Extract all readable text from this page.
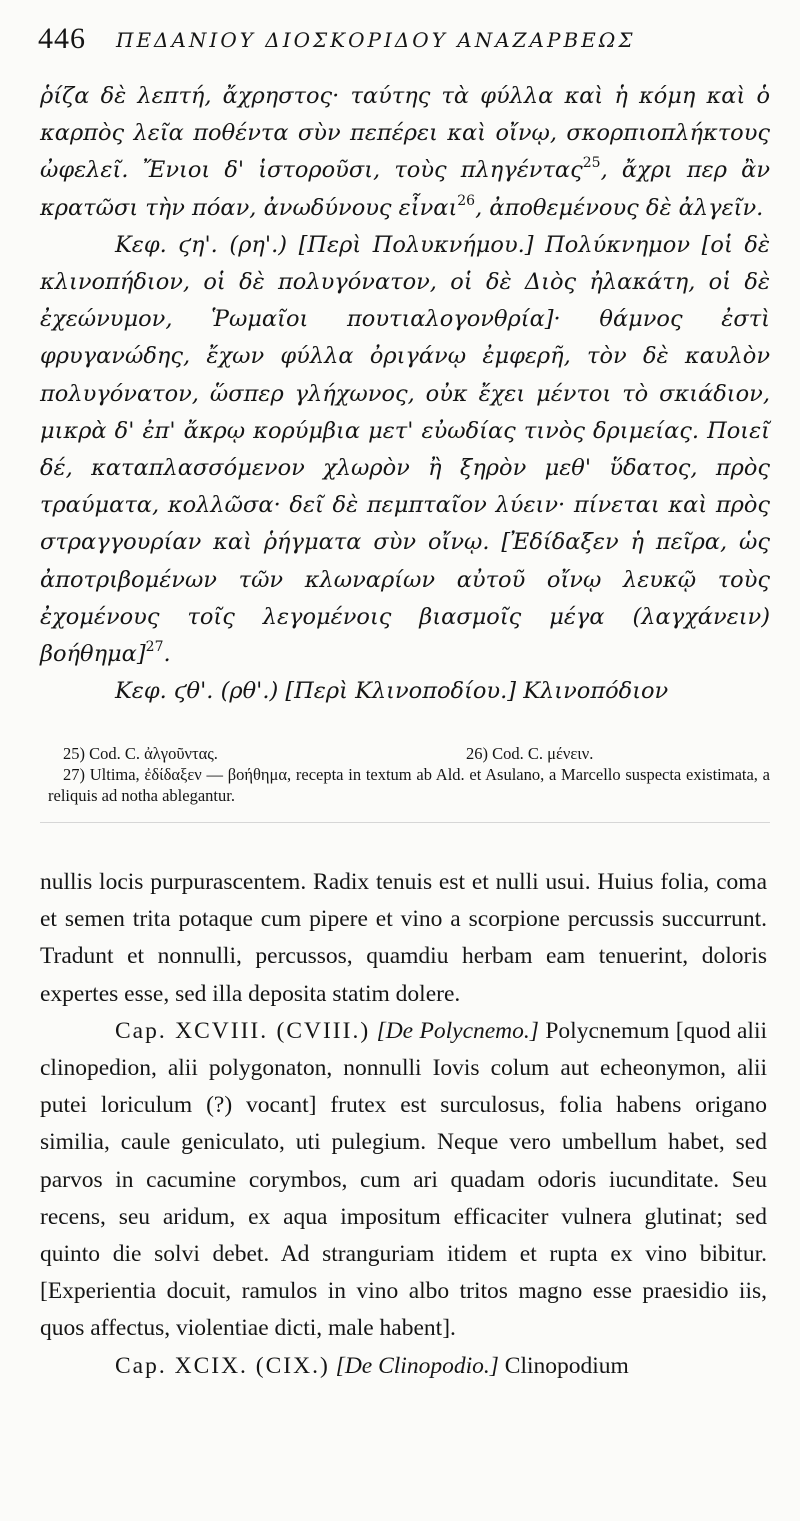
446 ΠΕΔΑΝΙΟΥ ΔΙΟΣΚΟΡΙΔΟΥ ΑΝΑΖΑΡΒΕΩΣ

ῥίζα δὲ λεπτή, ἄχρηστος· ταύτης τὰ φύλλα καὶ ἡ κόμη καὶ ὁ καρπὸς λεῖα ποθέντα σὺν πεπέρει καὶ οἴνῳ, σκορπιοπλήκτους ὠφελεῖ. Ἔνιοι δ' ἱστοροῦσι, τοὺς πληγέντας$^{25}$, ἄχρι περ ἂν κρατῶσι τὴν πόαν, ἀνωδύνους εἶναι$^{26}$, ἀποθεμένους δὲ ἀλγεῖν.

Κεφ. ϛη'. (ρη'.) [Περὶ Πολυκνήμου.] Πολύκνημον [οἱ δὲ κλινοπήδιον, οἱ δὲ πολυγόνατον, οἱ δὲ Διὸς ἠλακάτη, οἱ δὲ ἐχεώνυμον, Ῥωμαῖοι πουτιαλογονθρία]· θάμνος ἐστὶ φρυγανώδης, ἔχων φύλλα ὀριγάνῳ ἐμφερῆ, τὸν δὲ καυλὸν πολυγόνατον, ὥσπερ γλήχωνος, οὐκ ἔχει μέντοι τὸ σκιάδιον, μικρὰ δ' ἐπ' ἄκρῳ κορύμβια μετ' εὐωδίας τινὸς δριμείας. Ποιεῖ δέ, καταπλασσόμενον χλωρὸν ἢ ξηρὸν μεθ' ὕδατος, πρὸς τραύματα, κολλῶσα· δεῖ δὲ πεμπταῖον λύειν· πίνεται καὶ πρὸς στραγγουρίαν καὶ ῥήγματα σὺν οἴνῳ. [Ἐδίδαξεν ἡ πεῖρα, ὡς ἀποτριβομένων τῶν κλωναρίων αὐτοῦ οἴνῳ λευκῷ τοὺς ἐχομένους τοῖς λεγομένοις βιασμοῖς μέγα (λαγχάνειν) βοήθημα]$^{27}$.

Κεφ. ϛθ'. (ρθ'.) [Περὶ Κλινοποδίου.] Κλινοπόδιον

25) Cod. C. ἀλγοῦντας.	26) Cod. C. μένειν.

27) Ultima, ἐδίδαξεν — βοήθημα, recepta in textum ab Ald. et Asulano, a Marcello suspecta existimata, a reliquis ad notha ablegantur.

nullis locis purpurascentem. Radix tenuis est et nulli usui. Huius folia, coma et semen trita potaque cum pipere et vino a scorpione percussis succurrunt. Tradunt et nonnulli, percussos, quamdiu herbam eam tenuerint, doloris expertes esse, sed illa deposita statim dolere.

Cap. XCVIII. (CVIII.) [De Polycnemo.] Polycnemum [quod alii clinopedion, alii polygonaton, nonnulli Iovis colum aut echeonymon, alii putei loriculum (?) vocant] frutex est surculosus, folia habens origano similia, caule geniculato, uti pulegium. Neque vero umbellum habet, sed parvos in cacumine corymbos, cum ari quadam odoris iucunditate. Seu recens, seu aridum, ex aqua impositum efficaciter vulnera glutinat; sed quinto die solvi debet. Ad stranguriam itidem et rupta ex vino bibitur. [Experientia docuit, ramulos in vino albo tritos magno esse praesidio iis, quos affectus, violentiae dicti, male habent].

Cap. XCIX. (CIX.) [De Clinopodio.] Clinopodium
